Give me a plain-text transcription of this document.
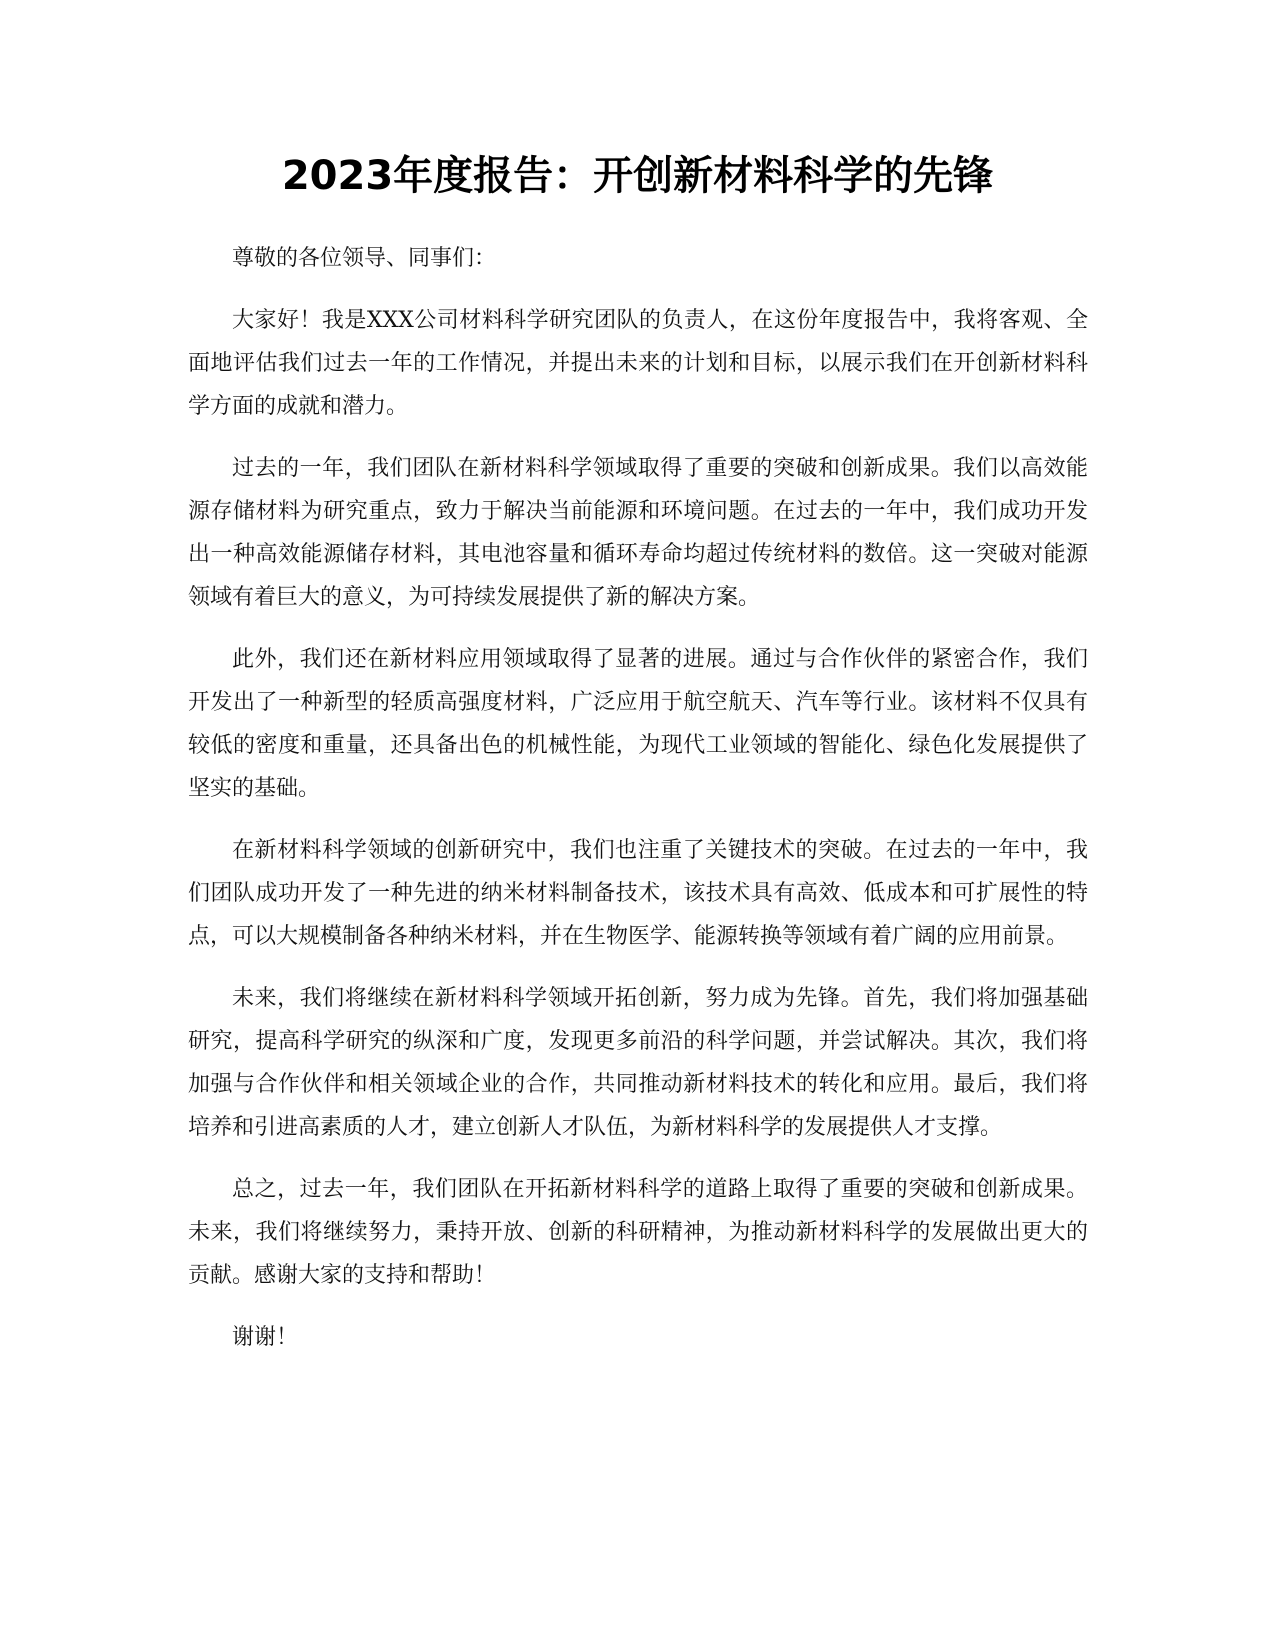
2023年度报告：开创新材料科学的先锋

尊敬的各位领导、同事们：

大家好！我是XXX公司材料科学研究团队的负责人，在这份年度报告中，我将客观、全面地评估我们过去一年的工作情况，并提出未来的计划和目标，以展示我们在开创新材料科学方面的成就和潜力。

过去的一年，我们团队在新材料科学领域取得了重要的突破和创新成果。我们以高效能源存储材料为研究重点，致力于解决当前能源和环境问题。在过去的一年中，我们成功开发出一种高效能源储存材料，其电池容量和循环寿命均超过传统材料的数倍。这一突破对能源领域有着巨大的意义，为可持续发展提供了新的解决方案。

此外，我们还在新材料应用领域取得了显著的进展。通过与合作伙伴的紧密合作，我们开发出了一种新型的轻质高强度材料，广泛应用于航空航天、汽车等行业。该材料不仅具有较低的密度和重量，还具备出色的机械性能，为现代工业领域的智能化、绿色化发展提供了坚实的基础。

在新材料科学领域的创新研究中，我们也注重了关键技术的突破。在过去的一年中，我们团队成功开发了一种先进的纳米材料制备技术，该技术具有高效、低成本和可扩展性的特点，可以大规模制备各种纳米材料，并在生物医学、能源转换等领域有着广阔的应用前景。

未来，我们将继续在新材料科学领域开拓创新，努力成为先锋。首先，我们将加强基础研究，提高科学研究的纵深和广度，发现更多前沿的科学问题，并尝试解决。其次，我们将加强与合作伙伴和相关领域企业的合作，共同推动新材料技术的转化和应用。最后，我们将培养和引进高素质的人才，建立创新人才队伍，为新材料科学的发展提供人才支撑。

总之，过去一年，我们团队在开拓新材料科学的道路上取得了重要的突破和创新成果。未来，我们将继续努力，秉持开放、创新的科研精神，为推动新材料科学的发展做出更大的贡献。感谢大家的支持和帮助！

谢谢！
